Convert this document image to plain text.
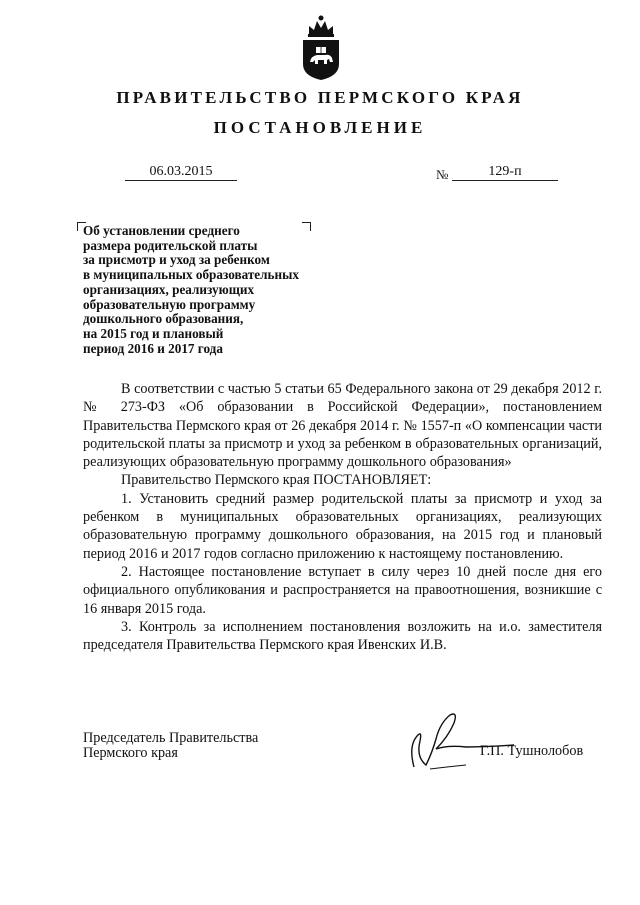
ПРАВИТЕЛЬСТВО ПЕРМСКОГО КРАЯ
ПОСТАНОВЛЕНИЕ
06.03.2015	№	129-п
Об установлении среднего
размера родительской платы
за присмотр и уход за ребенком
в муниципальных образовательных
организациях, реализующих
образовательную программу
дошкольного образования,
на 2015 год и плановый
период 2016 и 2017 года

В соответствии с частью 5 статьи 65 Федерального закона от 29 декабря 2012 г. № 273-ФЗ «Об образовании в Российской Федерации», постановлением Правительства Пермского края от 26 декабря 2014 г. № 1557-п «О компенсации части родительской платы за присмотр и уход за ребенком в образовательных организаций, реализующих образовательную программу дошкольного образования»

Правительство Пермского края ПОСТАНОВЛЯЕТ:

1. Установить средний размер родительской платы за присмотр и уход за ребенком в муниципальных образовательных организациях, реализующих образовательную программу дошкольного образования, на 2015 год и плановый период 2016 и 2017 годов согласно приложению к настоящему постановлению.

2. Настоящее постановление вступает в силу через 10 дней после дня его официального опубликования и распространяется на правоотношения, возникшие с 16 января 2015 года.

3. Контроль за исполнением постановления возложить на и.о. заместителя председателя Правительства Пермского края Ивенских И.В.

Председатель Правительства
Пермского края	Г.П. Тушнолобов
